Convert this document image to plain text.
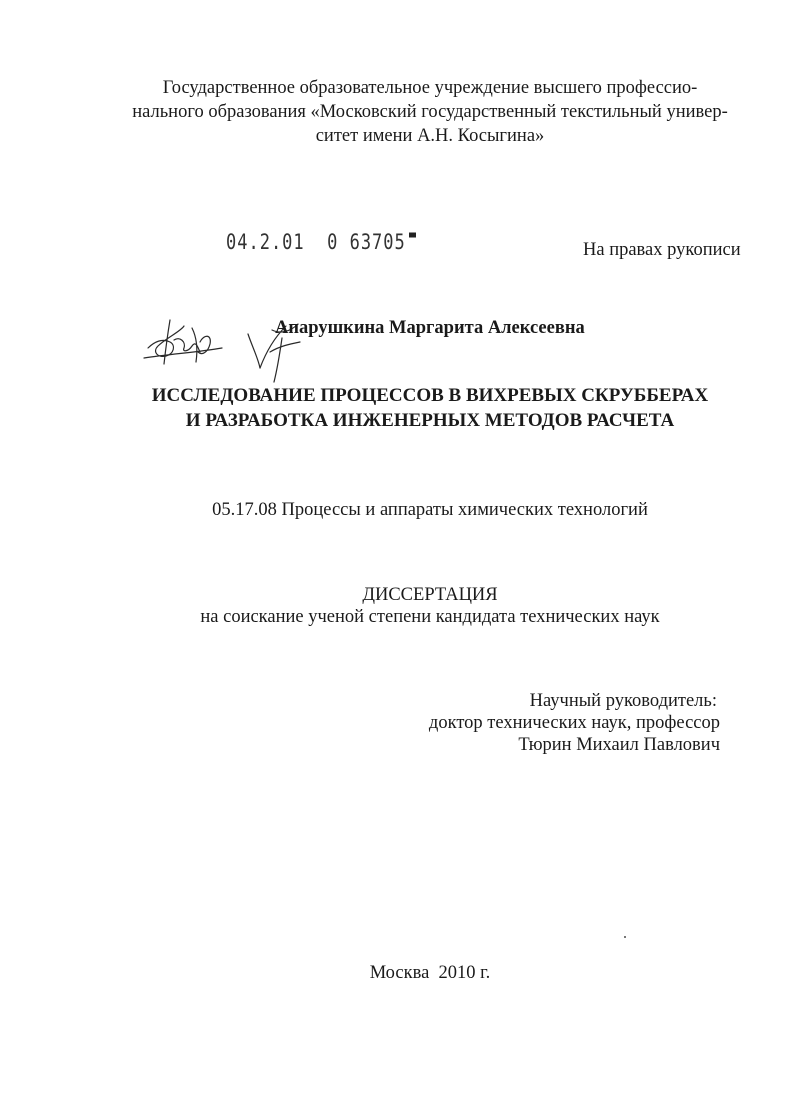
Государственное образовательное учреждение высшего профессио-
нального образования «Московский государственный текстильный универ-
ситет имени А.Н. Косыгина»
04.2.01  0 63705	На правах рукописи
Апарушкина Маргарита Алексеевна
ИССЛЕДОВАНИЕ ПРОЦЕССОВ В ВИХРЕВЫХ СКРУББЕРАХ
И РАЗРАБОТКА ИНЖЕНЕРНЫХ МЕТОДОВ РАСЧЕТА
05.17.08 Процессы и аппараты химических технологий
ДИССЕРТАЦИЯ
на соискание ученой степени кандидата технических наук
Научный руководитель:
доктор технических наук, профессор
Тюрин Михаил Павлович
Москва  2010 г.
